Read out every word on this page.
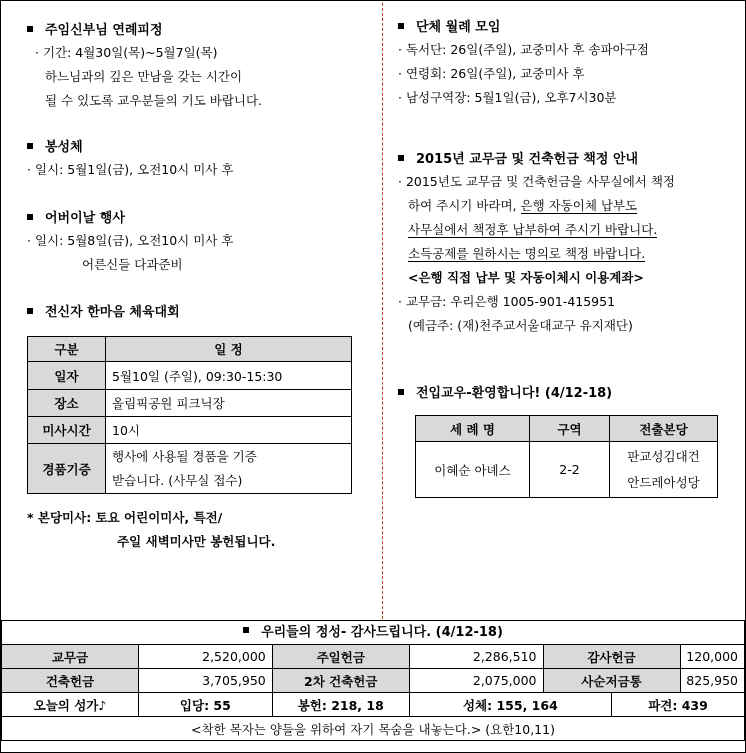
주임신부님 연례피정
· 기간: 4월30일(목)~5월7일(목)
하느님과의 깊은 만남을 갖는 시간이
될 수 있도록 교우분들의 기도 바랍니다.
봉성체
· 일시: 5월1일(금), 오전10시 미사 후
어버이날 행사
· 일시: 5월8일(금), 오전10시 미사 후
어른신들 다과준비
전신자 한마음 체육대회
구분	일 정
일자	5월10일 (주일), 09:30-15:30
장소	올림픽공원 피크닉장
미사시간	10시
경품기증	행사에 사용될 경품을 기증
받습니다. (사무실 접수)
* 본당미사: 토요 어린이미사, 특전/
주일 새벽미사만 봉헌됩니다.
단체 월례 모임
· 독서단: 26일(주일), 교중미사 후 송파아구점
· 연령회: 26일(주일), 교중미사 후
· 남성구역장: 5월1일(금), 오후7시30분
2015년 교무금 및 건축헌금 책정 안내
· 2015년도 교무금 및 건축헌금을 사무실에서 책정
하여 주시기 바라며, 은행 자동이체 납부도
사무실에서 책정후 납부하여 주시기 바랍니다.
소득공제를 원하시는 명의로 책정 바랍니다.
<은행 직접 납부 및 자동이체시 이용계좌>
· 교무금: 우리은행 1005-901-415951
(예금주: (재)천주교서울대교구 유지재단)
전입교우-환영합니다! (4/12-18)
세 례 명	구역	전출본당
이혜순 아녜스	2-2	판교성김대건
안드레아성당
우리들의 정성- 감사드립니다. (4/12-18)						
교무금	2,520,000	주일헌금	2,286,510	감사헌금		120,000
건축헌금	3,705,950	2차 건축헌금	2,075,000	사순저금통		825,950
오늘의 성가♪	입당: 55	봉헌: 218, 18	성체: 155, 164		파견: 439	
<착한 목자는 양들을 위하여 자기 목숨을 내놓는다.> (요한10,11)						
